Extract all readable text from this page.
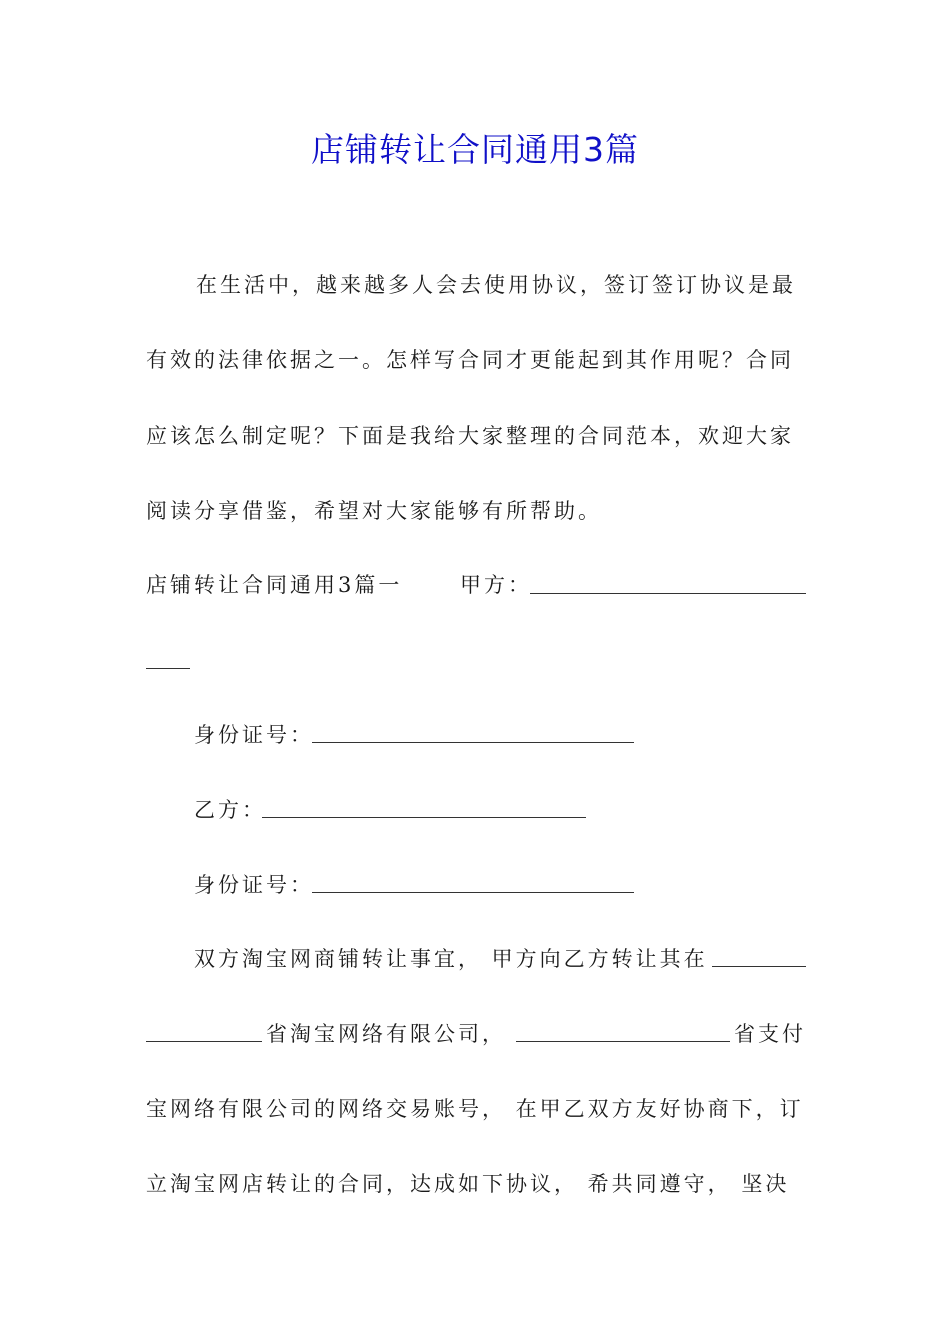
店铺转让合同通用3篇
在生活中，越来越多人会去使用协议，签订签订协议是最
有效的法律依据之一。怎样写合同才更能起到其作用呢？合同
应该怎么制定呢？下面是我给大家整理的合同范本，欢迎大家
阅读分享借鉴，希望对大家能够有所帮助。
店铺转让合同通用3篇一	甲方：
身份证号：
乙方：
身份证号：
双方淘宝网商铺转让事宜， 甲方向乙方转让其在
省淘宝网络有限公司，	省支付
宝网络有限公司的网络交易账号， 在甲乙双方友好协商下，订
立淘宝网店转让的合同，达成如下协议， 希共同遵守， 坚决
